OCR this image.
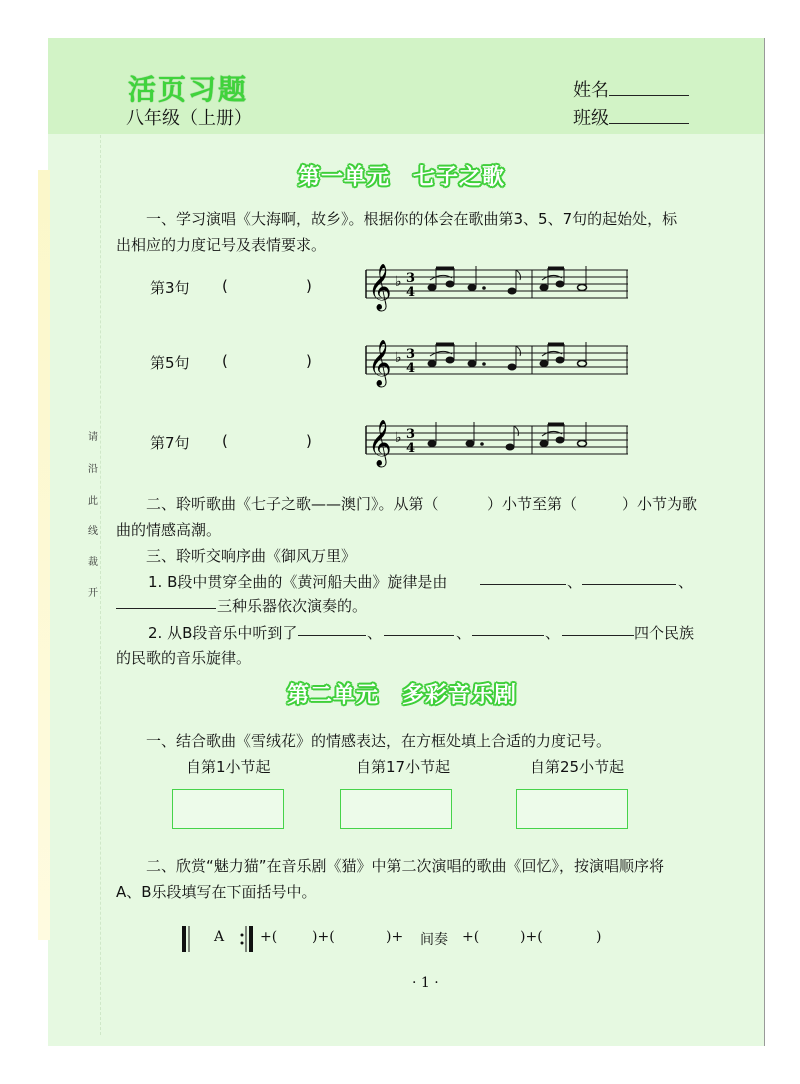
活页习题
八年级（上册）
姓名
班级
请
沿
此
线
裁
开
第一单元　七子之歌
一、学习演唱《大海啊，故乡》。根据你的体会在歌曲第3、5、7句的起始处，标
出相应的力度记号及表情要求。
第3句 (	)
第5句 (	)
第7句 (	)
𝄞 ♭ 3
4
𝄞 ♭ 3
4
𝄞 ♭ 3
4
二、聆听歌曲《七子之歌——澳门》。从第（	）小节至第（	）小节为歌
曲的情感高潮。
三、聆听交响序曲《御风万里》
1. B段中贯穿全曲的《黄河船夫曲》旋律是由	、	、
三种乐器依次演奏的。
2. 从B段音乐中听到了	、	、	、	四个民族
的民歌的音乐旋律。
第二单元　多彩音乐剧
一、结合歌曲《雪绒花》的情感表达，在方框处填上合适的力度记号。
自第1小节起	自第17小节起	自第25小节起
二、欣赏“魅力猫”在音乐剧《猫》中第二次演唱的歌曲《回忆》，按演唱顺序将
A、B乐段填写在下面括号中。
A	+( )+(	)+ 间奏 +(	)+(	)
· 1 ·
